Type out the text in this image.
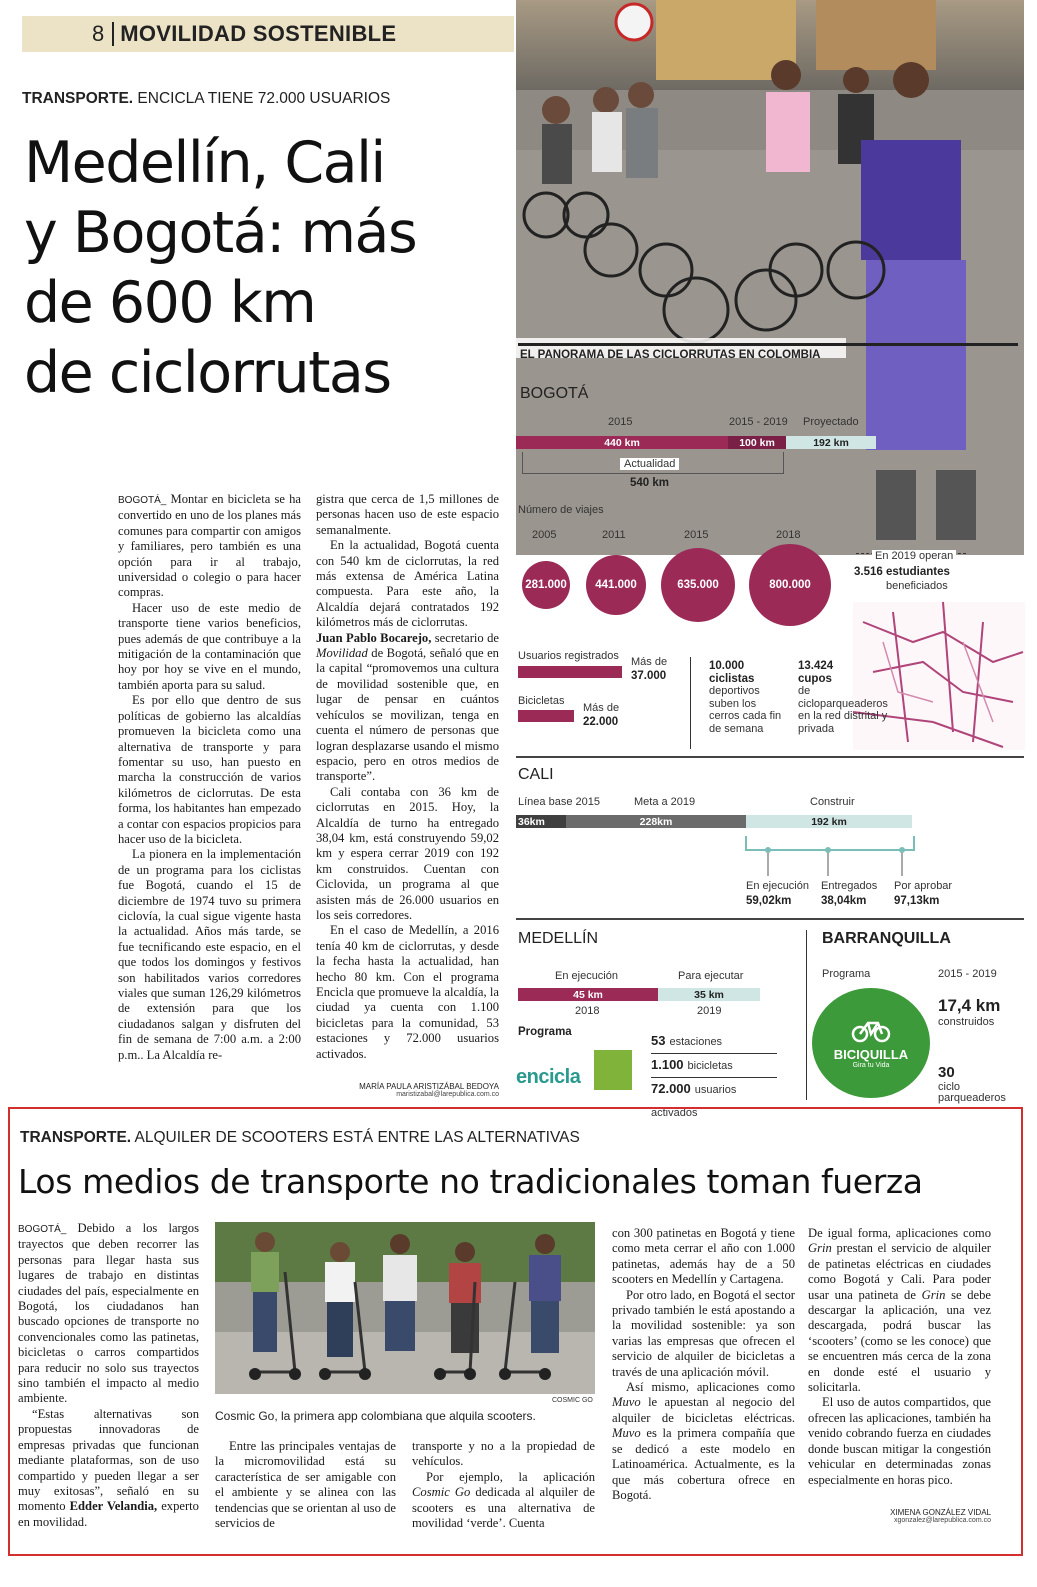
8 MOVILIDAD SOSTENIBLE
TRANSPORTE. ENCICLA TIENE 72.000 USUARIOS
Medellín, Cali
y Bogotá: más
de 600 km
de ciclorrutas

BOGOTÁ_ Montar en bicicleta se ha convertido en uno de los planes más comunes para compartir con amigos y familiares, pero también es una opción para ir al trabajo, universidad o colegio o para hacer compras.

Hacer uso de este medio de transporte tiene varios beneficios, pues además de que contribuye a la mitigación de la contaminación que hoy por hoy se vive en el mundo, también aporta para su salud.

Es por ello que dentro de sus políticas de gobierno las alcaldías promueven la bicicleta como una alternativa de transporte y para fomentar su uso, han puesto en marcha la construcción de varios kilómetros de ciclorrutas. De esta forma, los habitantes han empezado a contar con espacios propicios para hacer uso de la bicicleta.

La pionera en la implementación de un programa para los ciclistas fue Bogotá, cuando el 15 de diciembre de 1974 tuvo su primera ciclovía, la cual sigue vigente hasta la actualidad. Años más tarde, se fue tecnificando este espacio, en el que todos los domingos y festivos son habilitados varios corredores viales que suman 126,29 kilómetros de extensión para que los ciudadanos salgan y disfruten del fin de semana de 7:00 a.m. a 2:00 p.m.. La Alcaldía re-

gistra que cerca de 1,5 millones de personas hacen uso de este espacio semanalmente.

En la actualidad, Bogotá cuenta con 540 km de ciclorrutas, la red más extensa de América Latina compuesta. Para este año, la Alcaldía dejará contratados 192 kilómetros más de ciclorrutas.

Juan Pablo Bocarejo, secretario de Movilidad de Bogotá, señaló que en la capital “promovemos una cultura de movilidad sostenible que, en lugar de pensar en cuántos vehículos se movilizan, tenga en cuenta el número de personas que logran desplazarse usando el mismo espacio, pero en otros medios de transporte”.

Cali contaba con 36 km de ciclorrutas en 2015. Hoy, la Alcaldía de turno ha entregado 38,04 km, está construyendo 59,02 km y espera cerrar 2019 con 192 km construidos. Cuentan con Ciclovida, un programa al que asisten más de 26.000 usuarios en los seis corredores.

En el caso de Medellín, a 2016 tenía 40 km de ciclorrutas, y desde la fecha hasta la actualidad, han hecho 80 km. Con el programa Encicla que promueve la alcaldía, la ciudad ya cuenta con 1.100 bicicletas para la comunidad, 53 estaciones y 72.000 usuarios activados.

MARÍA PAULA ARISTIZÁBAL BEDOYA
maristizabal@larepublica.com.co
EL PANORAMA DE LAS CICLORRUTAS EN COLOMBIA
BOGOTÁ
2015	2015 - 2019 Proyectado
440 km	100 km	192 km
Actualidad
540 km
Número de viajes
2005
281.000
2011
441.000
2015
635.000
2018
800.000
En 2019 operan
3.516 estudiantes
beneficiados
Usuarios registrados Más de
37.000
Bicicletas
Más de
22.000
10.000
ciclistas
deportivos
suben los
cerros cada fin
de semana
13.424
cupos
de
cicloparqueaderos
en la red distrital y
privada
CALI
Línea base 2015	Meta a 2019	Construir
36km	228km	192 km
En ejecución
59,02km
Entregados
38,04km
Por aprobar
97,13km
MEDELLÍN
En ejecución	Para ejecutar
45 km	35 km
2018	2019
Programa
encicla
53 estaciones
1.100 bicicletas
72.000 usuarios activados
BARRANQUILLA
Programa	2015 - 2019
BICIQUILLA
Gira tu Vida
17,4 km
construidos
30
ciclo
parqueaderos
TRANSPORTE. ALQUILER DE SCOOTERS ESTÁ ENTRE LAS ALTERNATIVAS
Los medios de transporte no tradicionales toman fuerza

BOGOTÁ_ Debido a los largos trayectos que deben recorrer las personas para llegar hasta sus lugares de trabajo en distintas ciudades del país, especialmente en Bogotá, los ciudadanos han buscado opciones de transporte no convencionales como las patinetas, bicicletas o carros compartidos para reducir no solo sus trayectos sino también el impacto al medio ambiente.

“Estas alternativas son propuestas innovadoras de empresas privadas que funcionan mediante plataformas, son de uso compartido y pueden llegar a ser muy exitosas”, señaló en su momento Edder Velandia, experto en movilidad.

COSMIC GO
Cosmic Go, la primera app colombiana que alquila scooters.

Entre las principales ventajas de la micromovilidad está su característica de ser amigable con el ambiente y se alinea con las tendencias que se orientan al uso de servicios de

transporte y no a la propiedad de vehículos.

Por ejemplo, la aplicación Cosmic Go dedicada al alquiler de scooters es una alternativa de movilidad ‘verde’. Cuenta

con 300 patinetas en Bogotá y tiene como meta cerrar el año con 1.000 patinetas, además hay de a 50 scooters en Medellín y Cartagena.

Por otro lado, en Bogotá el sector privado también le está apostando a la movilidad sostenible: ya son varias las empresas que ofrecen el servicio de alquiler de bicicletas a través de una aplicación móvil.

Así mismo, aplicaciones como Muvo le apuestan al negocio del alquiler de bicicletas eléctricas. Muvo es la primera compañía que se dedicó a este modelo en Latinoamérica. Actualmente, es la que más cobertura ofrece en Bogotá.

De igual forma, aplicaciones como Grin prestan el servicio de alquiler de patinetas eléctricas en ciudades como Bogotá y Cali. Para poder usar una patineta de Grin se debe descargar la aplicación, una vez descargada, podrá buscar las ‘scooters’ (como se les conoce) que se encuentren más cerca de la zona en donde esté el usuario y solicitarla.

El uso de autos compartidos, que ofrecen las aplicaciones, también ha venido cobrando fuerza en ciudades donde buscan mitigar la congestión vehicular en determinadas zonas especialmente en horas pico.

XIMENA GONZÁLEZ VIDAL
xgonzalez@larepublica.com.co
